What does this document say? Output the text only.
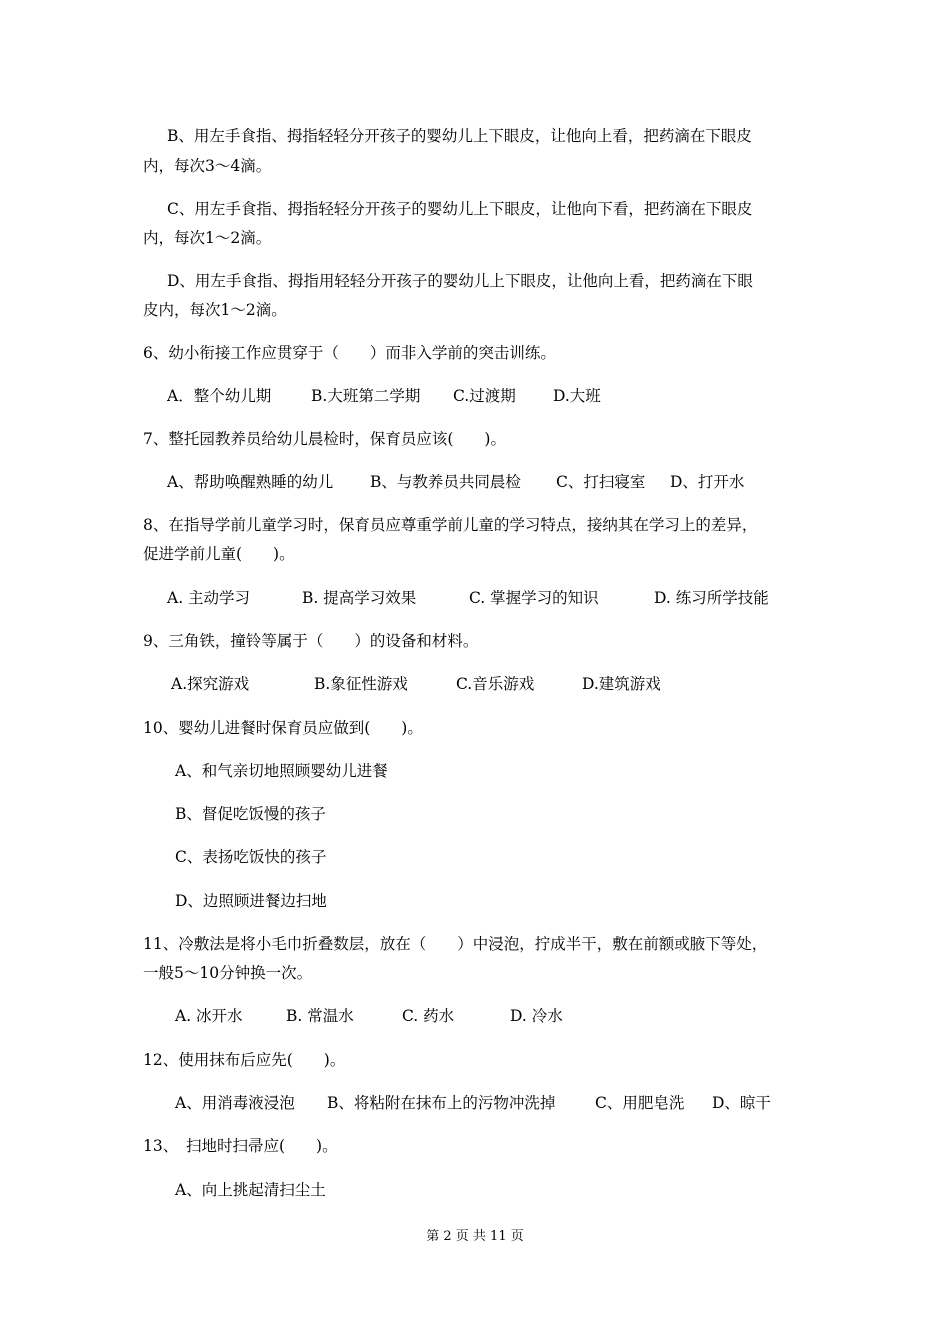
B、用左手食指、拇指轻轻分开孩子的婴幼儿上下眼皮，让他向上看，把药滴在下眼皮
内，每次3～4滴。
C、用左手食指、拇指轻轻分开孩子的婴幼儿上下眼皮，让他向下看，把药滴在下眼皮
内，每次1～2滴。
D、用左手食指、拇指用轻轻分开孩子的婴幼儿上下眼皮，让他向上看，把药滴在下眼
皮内，每次1～2滴。
6、幼小衔接工作应贯穿于（　　）而非入学前的突击训练。
A．整个幼儿期	B.大班第二学期 C.过渡期 D.大班
7、整托园教养员给幼儿晨检时，保育员应该(　　)。
A、帮助唤醒熟睡的幼儿 B、与教养员共同晨检 C、打扫寝室 D、打开水
8、在指导学前儿童学习时，保育员应尊重学前儿童的学习特点，接纳其在学习上的差异，
促进学前儿童(　　)。
A. 主动学习	B. 提高学习效果	C. 掌握学习的知识	D. 练习所学技能
9、三角铁，撞铃等属于（　　）的设备和材料。
A.探究游戏	B.象征性游戏	C.音乐游戏	D.建筑游戏
10、婴幼儿进餐时保育员应做到(　　)。
A、和气亲切地照顾婴幼儿进餐
B、督促吃饭慢的孩子
C、表扬吃饭快的孩子
D、边照顾进餐边扫地
11、冷敷法是将小毛巾折叠数层，放在（　　）中浸泡，拧成半干，敷在前额或腋下等处，
一般5～10分钟换一次。
A. 冰开水	B. 常温水	C. 药水	D. 冷水
12、使用抹布后应先(　　)。
A、用消毒液浸泡 B、将粘附在抹布上的污物冲洗掉	C、用肥皂洗 D、晾干
13、　扫地时扫帚应(　　)。
A、向上挑起清扫尘土
第 2 页 共 11 页
